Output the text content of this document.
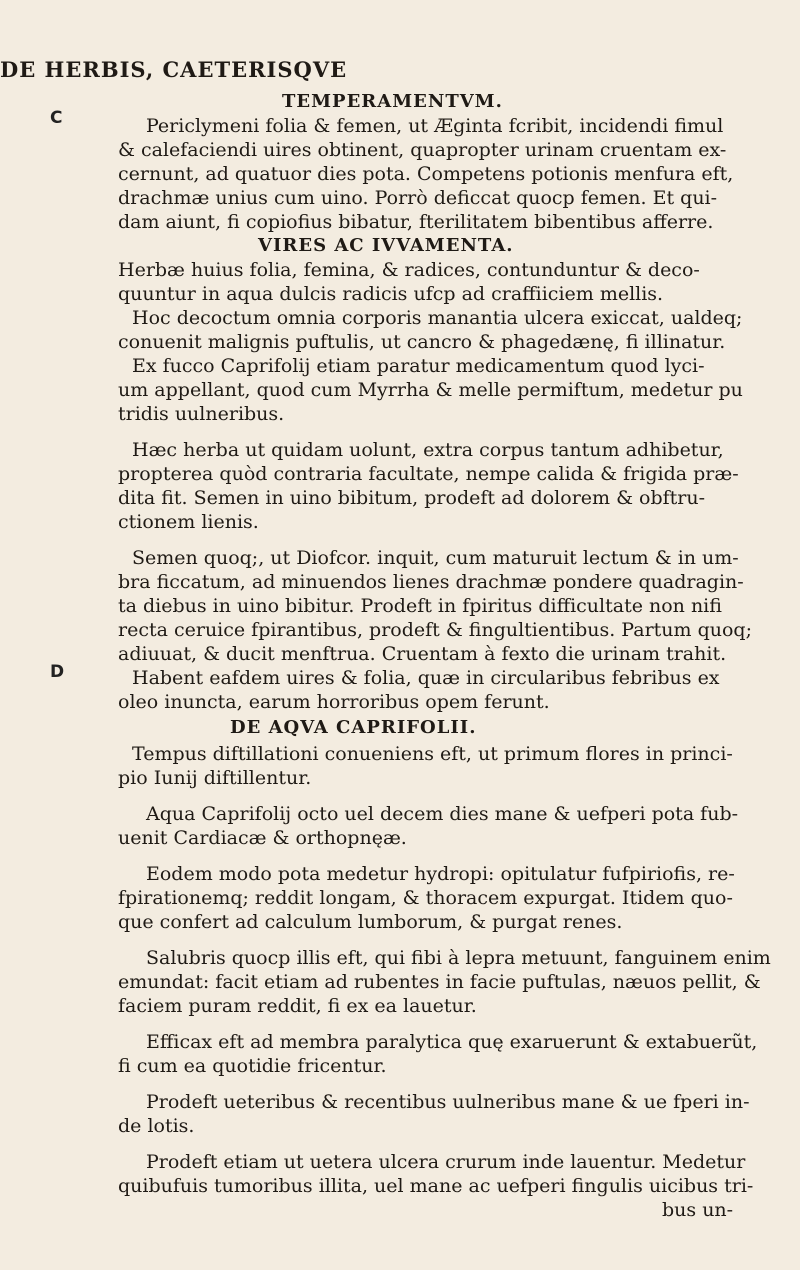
DE HERBIS, CAETERISQVE
C
D
TEMPERAMENTVM.
Periclymeni folia & femen, ut Æginta fcribit, incidendi fimul
& calefaciendi uires obtinent, quapropter urinam cruentam ex-
cernunt, ad quatuor dies pota. Competens potionis menfura eft,
drachmæ unius cum uino. Porrò deficcat quocp femen. Et qui-
dam aiunt, fi copiofius bibatur, fterilitatem bibentibus afferre.
VIRES AC IVVAMENTA.
Herbæ huius folia, femina, & radices, contunduntur & deco-
quuntur in aqua dulcis radicis ufcp ad craffiiciem mellis.
Hoc decoctum omnia corporis manantia ulcera exiccat, ualdeq;
conuenit malignis puftulis, ut cancro & phagedænę, fi illinatur.
Ex fucco Caprifolij etiam paratur medicamentum quod lyci-
um appellant, quod cum Myrrha & melle permiftum, medetur pu
tridis uulneribus.
Hæc herba ut quidam uolunt, extra corpus tantum adhibetur,
propterea quòd contraria facultate, nempe calida & frigida præ-
dita fit. Semen in uino bibitum, prodeft ad dolorem & obftru-
ctionem lienis.
Semen quoq;, ut Diofcor. inquit, cum maturuit lectum & in um-
bra ficcatum, ad minuendos lienes drachmæ pondere quadragin-
ta diebus in uino bibitur. Prodeft in fpiritus difficultate non nifi
recta ceruice fpirantibus, prodeft & fingultientibus. Partum quoq;
adiuuat, & ducit menftrua. Cruentam à fexto die urinam trahit.
Habent eafdem uires & folia, quæ in circularibus febribus ex
oleo inuncta, earum horroribus opem ferunt.
DE AQVA CAPRIFOLII.
Tempus diftillationi conueniens eft, ut primum flores in princi-
pio Iunij diftillentur.
Aqua Caprifolij octo uel decem dies mane & uefperi pota fub-
uenit Cardiacæ & orthopnęæ.
Eodem modo pota medetur hydropi: opitulatur fufpiriofis, re-
fpirationemq; reddit longam, & thoracem expurgat. Itidem quo-
que confert ad calculum lumborum, & purgat renes.
Salubris quocp illis eft, qui fibi à lepra metuunt, fanguinem enim
emundat: facit etiam ad rubentes in facie puftulas, næuos pellit, &
faciem puram reddit, fi ex ea lauetur.
Efficax eft ad membra paralytica quę exaruerunt & extabuerũt,
fi cum ea quotidie fricentur.
Prodeft ueteribus & recentibus uulneribus mane & ue fperi in-
de lotis.
Prodeft etiam ut uetera ulcera crurum inde lauentur. Medetur
quibufuis tumoribus illita, uel mane ac uefperi fingulis uicibus tri-
bus un-
